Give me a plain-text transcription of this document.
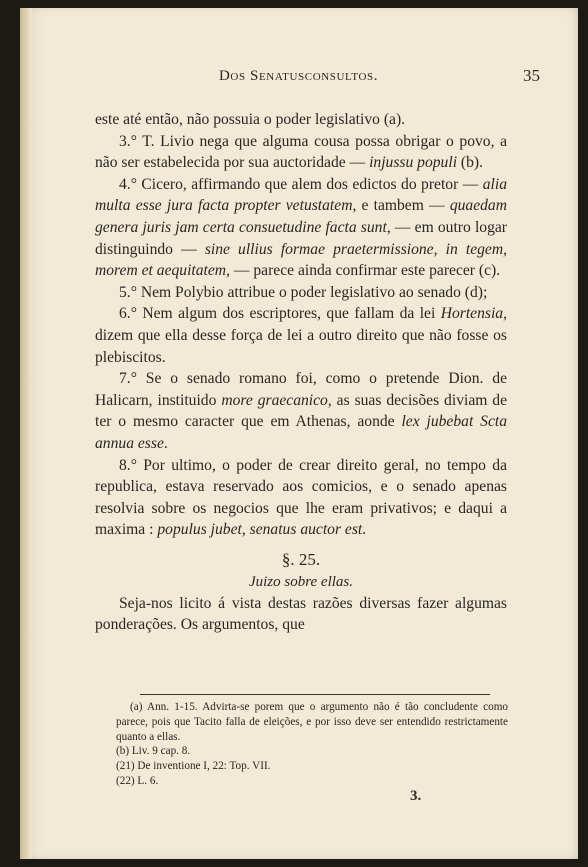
Dos Senatusconsultos.	35

este até então, não possuia o poder legislativo (a).

3.° T. Livio nega que alguma cousa possa obrigar o povo, a não ser estabelecida por sua auctoridade — injussu populi (b).

4.° Cicero, affirmando que alem dos edictos do pretor — alia multa esse jura facta propter vetustatem, e tambem — quaedam genera juris jam certa consuetudine facta sunt, — em outro logar distinguindo — sine ullius formae praetermissione, in tegem, morem et aequitatem, — parece ainda confirmar este parecer (c).

5.° Nem Polybio attribue o poder legislativo ao senado (d);

6.° Nem algum dos escriptores, que fallam da lei Hortensia, dizem que ella desse força de lei a outro direito que não fosse os plebiscitos.

7.° Se o senado romano foi, como o pretende Dion. de Halicarn, instituido more graecanico, as suas decisões diviam de ter o mesmo caracter que em Athenas, aonde lex jubebat Scta annua esse.

8.° Por ultimo, o poder de crear direito geral, no tempo da republica, estava reservado aos comicios, e o senado apenas resolvia sobre os negocios que lhe eram privativos; e daqui a maxima : populus jubet, senatus auctor est.

§. 25.
Juizo sobre ellas.

Seja-nos licito á vista destas razões diversas fazer algumas ponderações. Os argumentos, que

(a) Ann. 1-15. Advirta-se porem que o argumento não é tão concludente como parece, pois que Tacito falla de eleições, e por isso deve ser entendido restrictamente quanto a ellas.
(b) Liv. 9 cap. 8.
(21) De inventione I, 22: Top. VII.
(22) L. 6.
3.
